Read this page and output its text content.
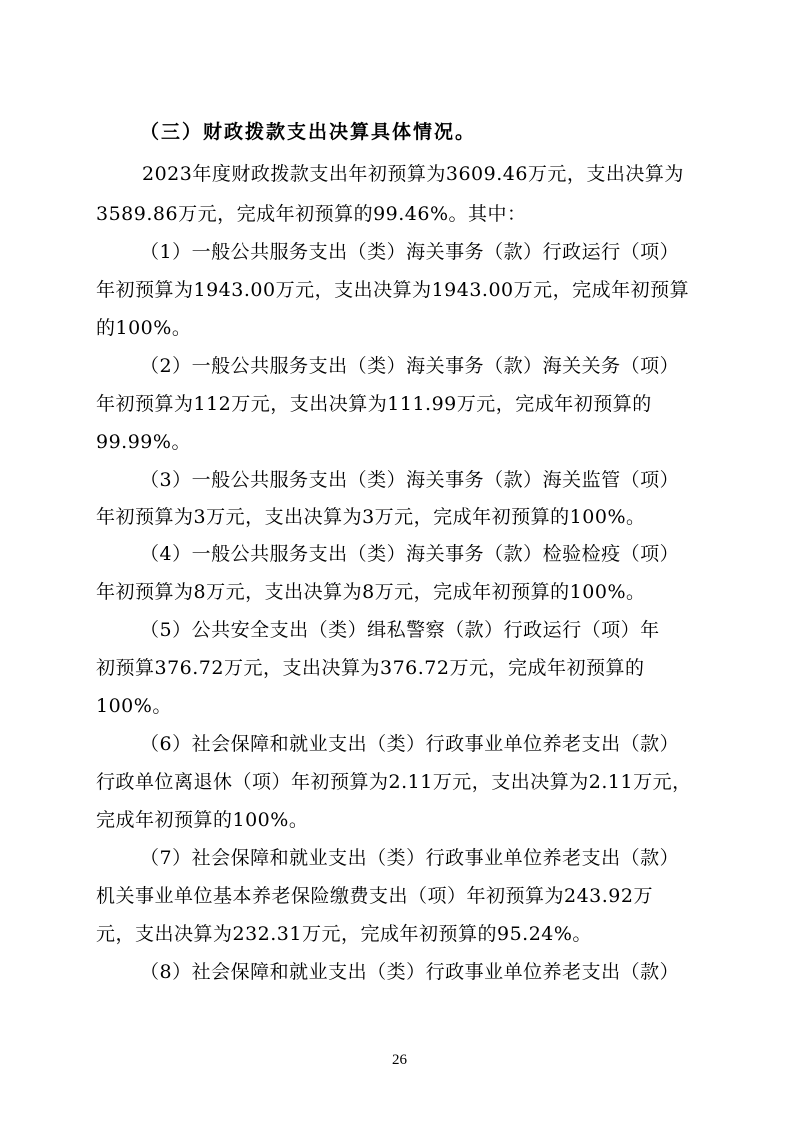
（三）财政拨款支出决算具体情况。
2023年度财政拨款支出年初预算为3609.46万元，支出决算为
3589.86万元，完成年初预算的99.46%。其中：
（1）一般公共服务支出（类）海关事务（款）行政运行（项）
年初预算为1943.00万元，支出决算为1943.00万元，完成年初预算
的100%。
（2）一般公共服务支出（类）海关事务（款）海关关务（项）
年初预算为112万元，支出决算为111.99万元，完成年初预算的
99.99%。
（3）一般公共服务支出（类）海关事务（款）海关监管（项）
年初预算为3万元，支出决算为3万元，完成年初预算的100%。
（4）一般公共服务支出（类）海关事务（款）检验检疫（项）
年初预算为8万元，支出决算为8万元，完成年初预算的100%。
（5）公共安全支出（类）缉私警察（款）行政运行（项）年
初预算376.72万元，支出决算为376.72万元，完成年初预算的
100%。
（6）社会保障和就业支出（类）行政事业单位养老支出（款）
行政单位离退休（项）年初预算为2.11万元，支出决算为2.11万元，
完成年初预算的100%。
（7）社会保障和就业支出（类）行政事业单位养老支出（款）
机关事业单位基本养老保险缴费支出（项）年初预算为243.92万
元，支出决算为232.31万元，完成年初预算的95.24%。
（8）社会保障和就业支出（类）行政事业单位养老支出（款）
26
